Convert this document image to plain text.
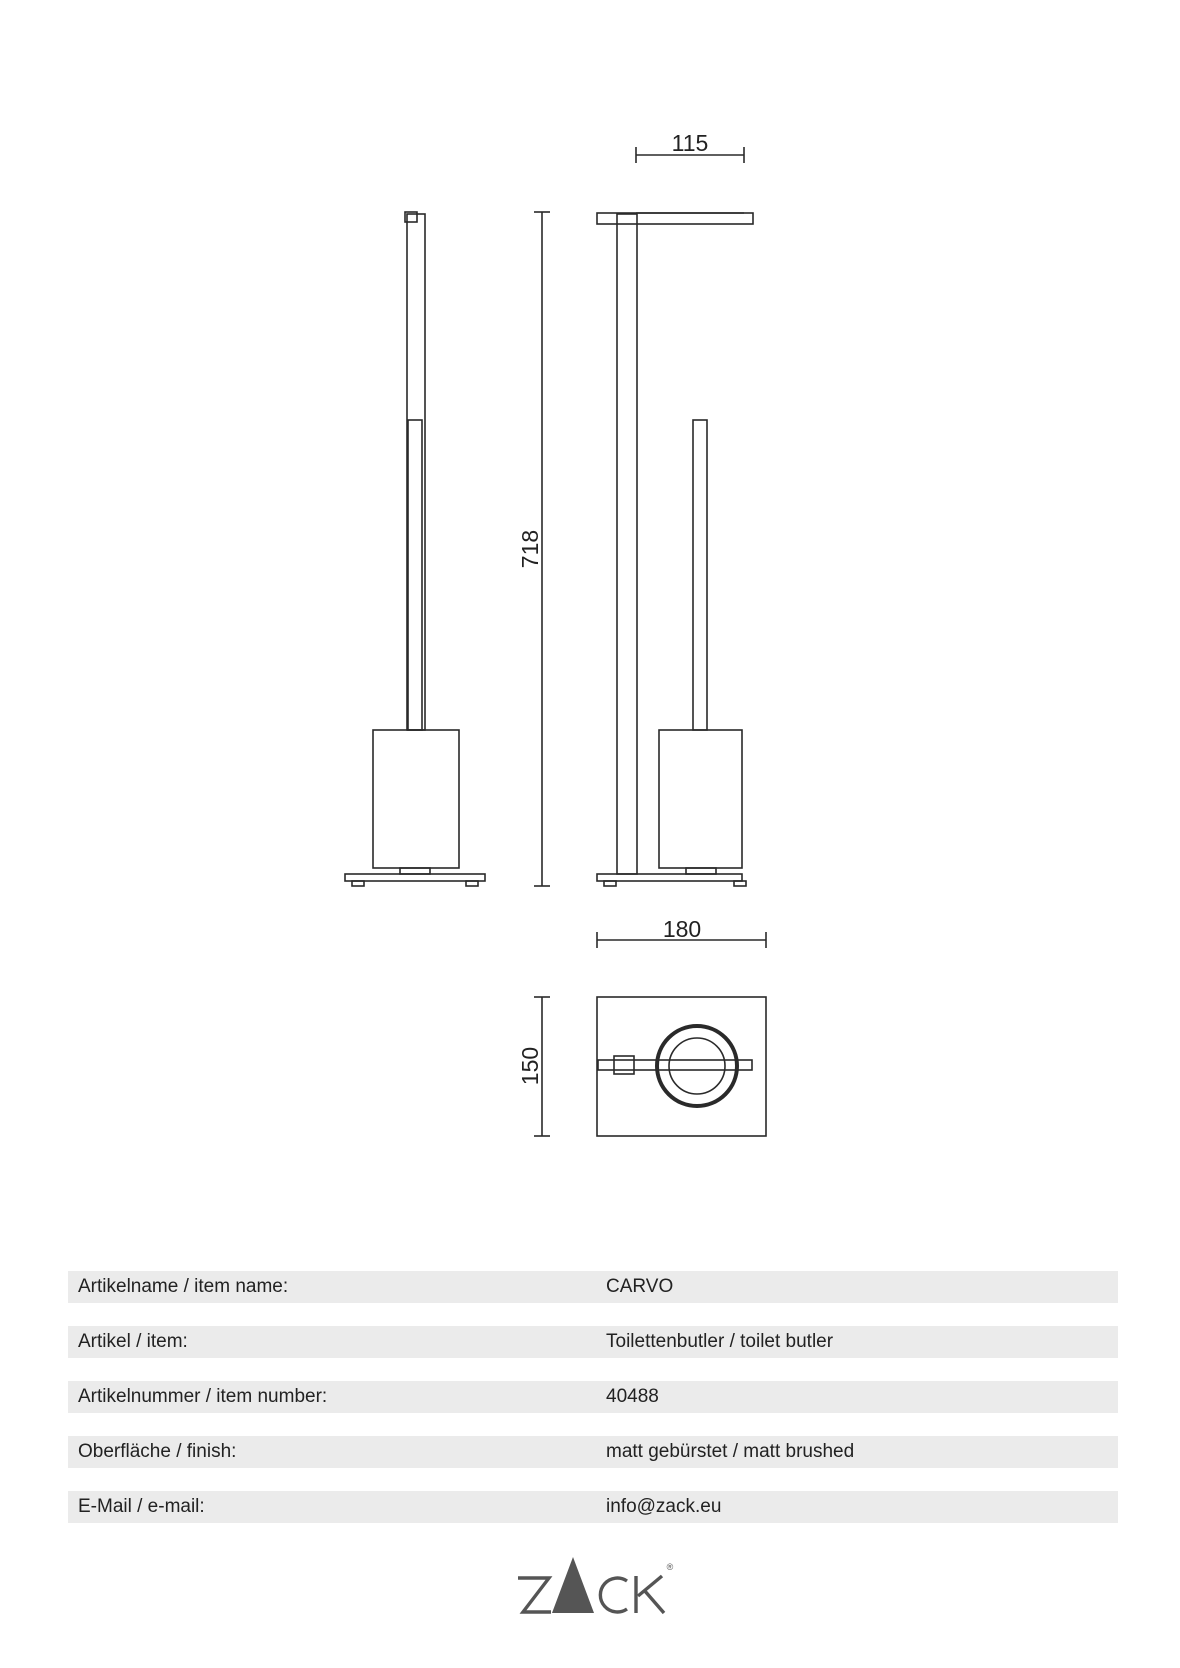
718
115
180
150
Artikelname / item name:	CARVO
Artikel / item:	Toilettenbutler / toilet butler
Artikelnummer / item number:	40488
Oberfläche / finish:	matt gebürstet / matt brushed
E-Mail / e-mail:	info@zack.eu
®
